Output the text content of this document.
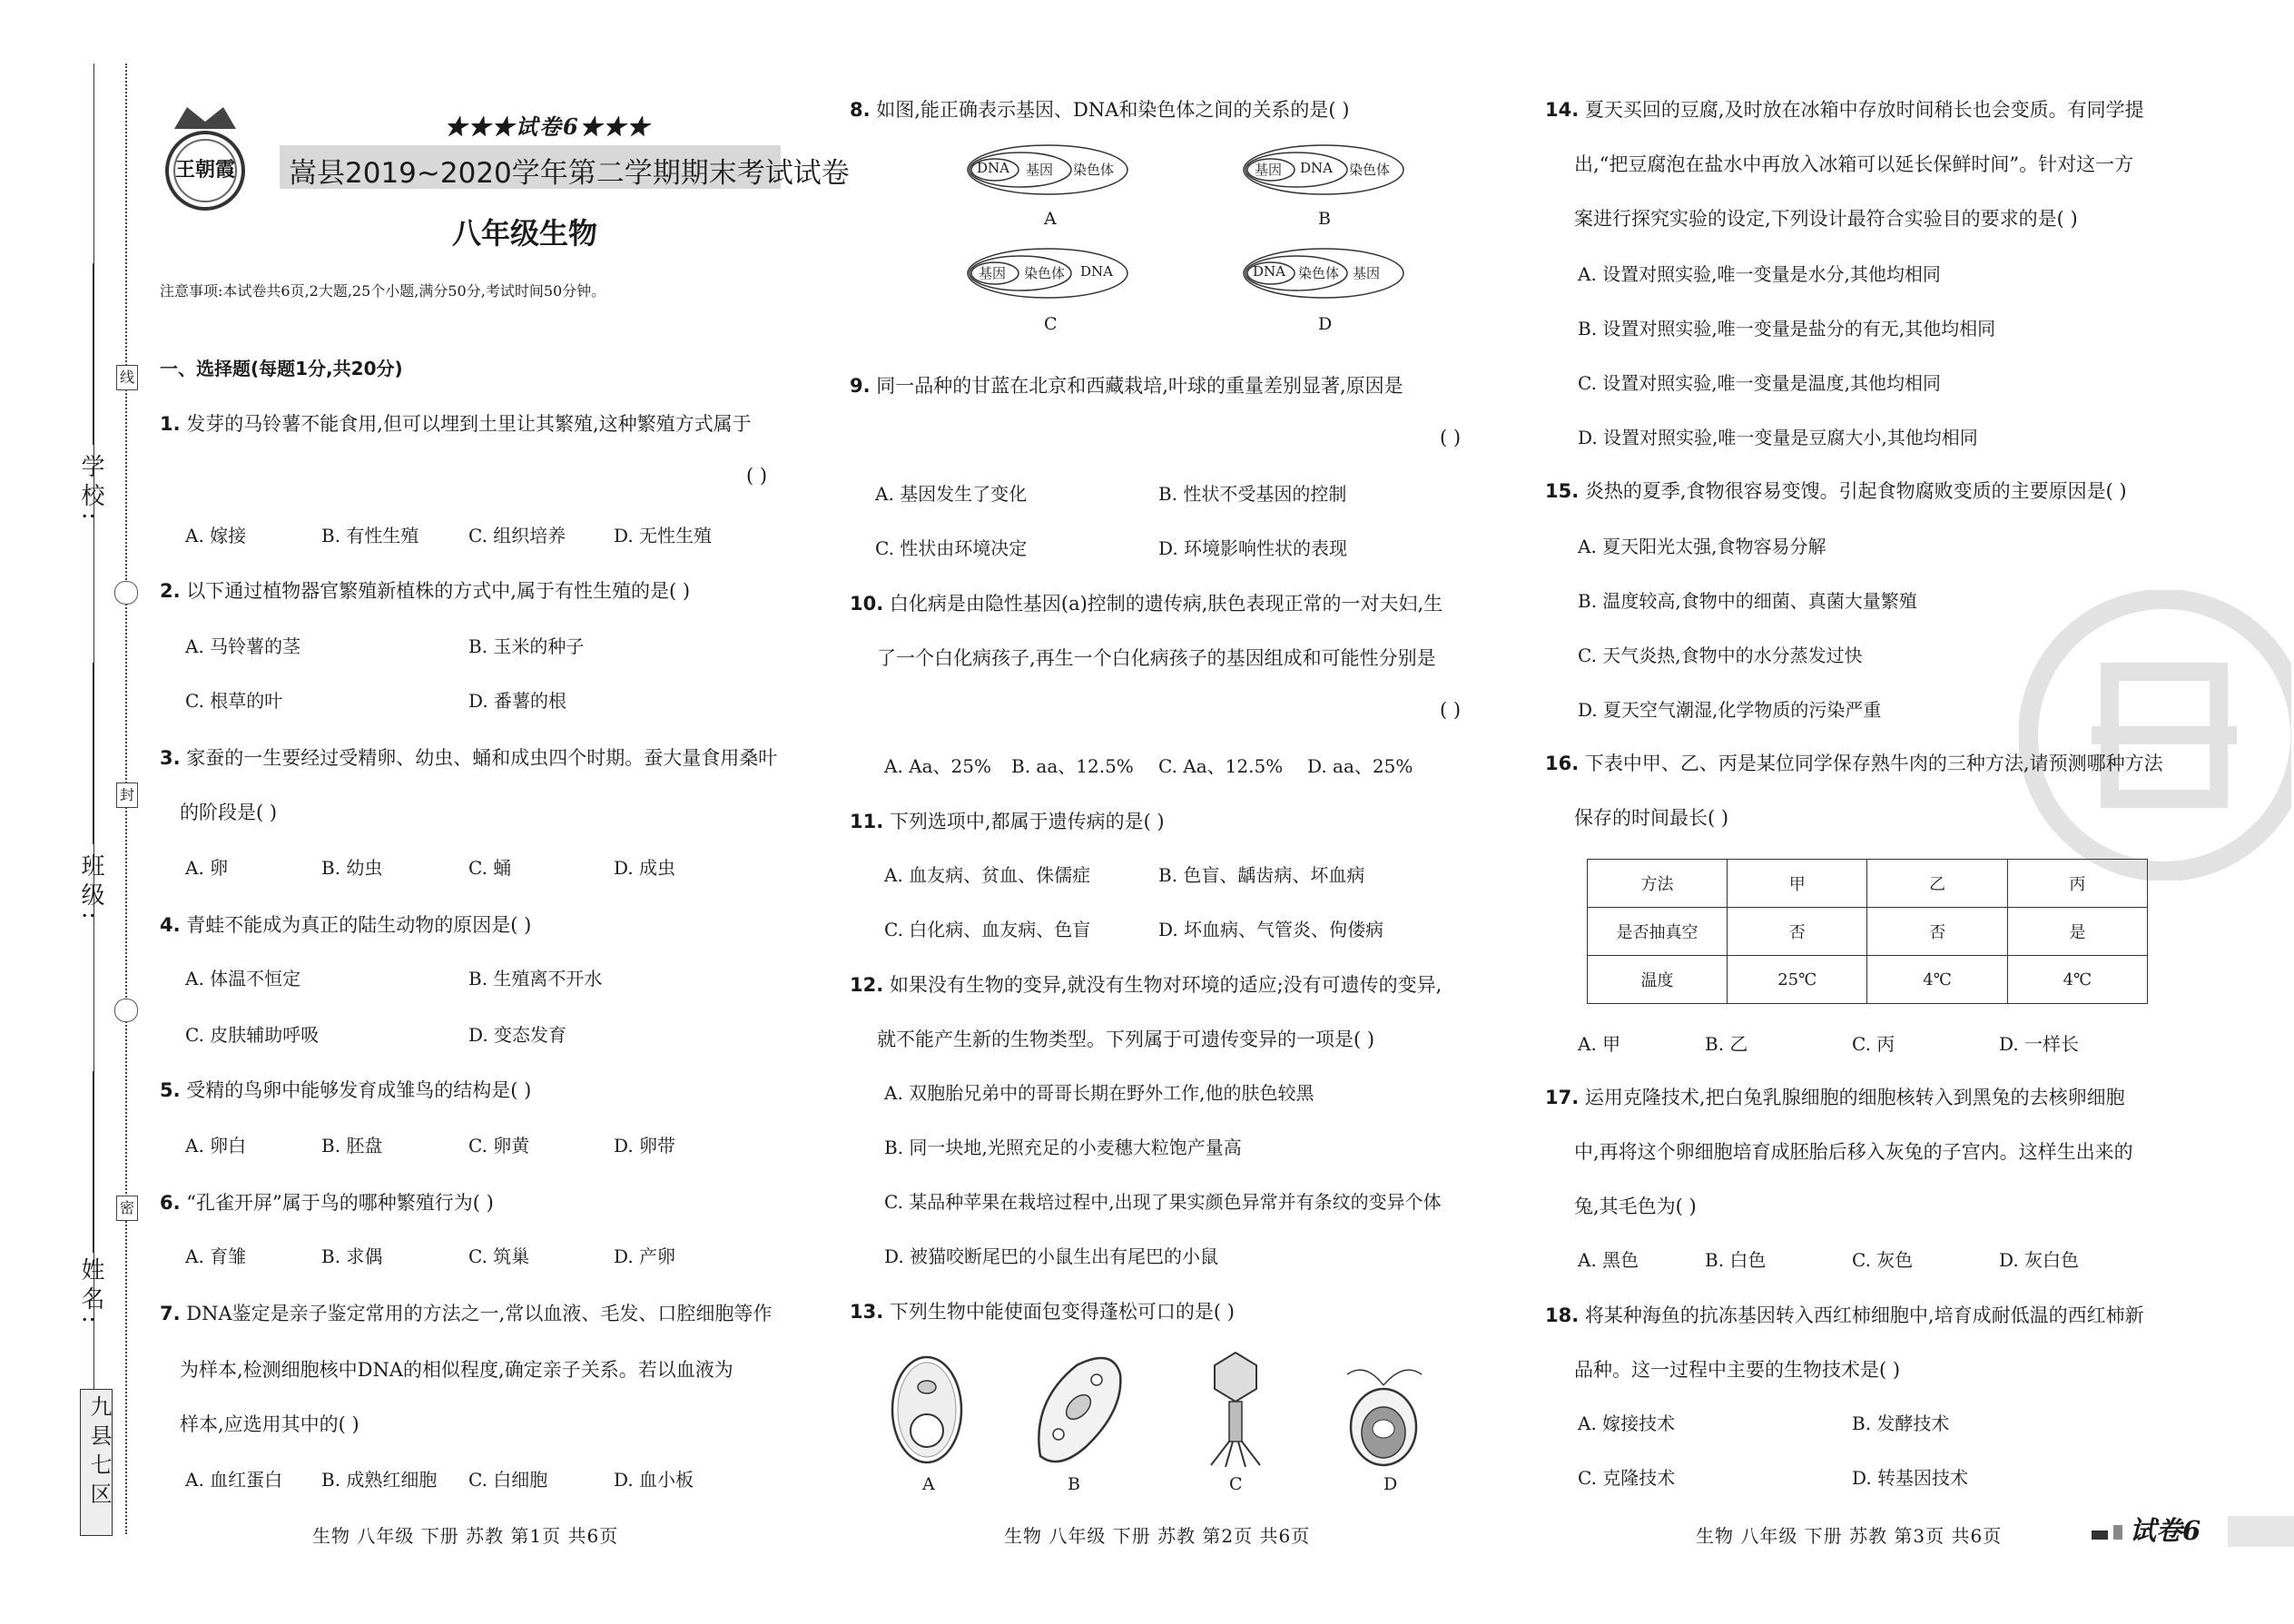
学校:
班级:
姓名:
线
封
密
九县七区
王朝霞
★★★试卷6★★★
嵩县2019~2020学年第二学期期末考试试卷
八年级生物
注意事项:本试卷共6页,2大题,25个小题,满分50分,考试时间50分钟。
一、选择题(每题1分,共20分)
1. 发芽的马铃薯不能食用,但可以埋到土里让其繁殖,这种繁殖方式属于
( )
A. 嫁接	B. 有性生殖	C. 组织培养	D. 无性生殖
2. 以下通过植物器官繁殖新植株的方式中,属于有性生殖的是( )
A. 马铃薯的茎	B. 玉米的种子
C. 根草的叶	D. 番薯的根
3. 家蚕的一生要经过受精卵、幼虫、蛹和成虫四个时期。蚕大量食用桑叶
的阶段是( )
A. 卵	B. 幼虫	C. 蛹	D. 成虫
4. 青蛙不能成为真正的陆生动物的原因是( )
A. 体温不恒定	B. 生殖离不开水
C. 皮肤辅助呼吸	D. 变态发育
5. 受精的鸟卵中能够发育成雏鸟的结构是( )
A. 卵白	B. 胚盘	C. 卵黄	D. 卵带
6. “孔雀开屏”属于鸟的哪种繁殖行为( )
A. 育雏	B. 求偶	C. 筑巢	D. 产卵
7. DNA鉴定是亲子鉴定常用的方法之一,常以血液、毛发、口腔细胞等作
为样本,检测细胞核中DNA的相似程度,确定亲子关系。若以血液为
样本,应选用其中的( )
A. 血红蛋白 B. 成熟红细胞 C. 白细胞	D. 血小板
生物 八年级 下册 苏教 第1页 共6页
8. 如图,能正确表示基因、DNA和染色体之间的关系的是( )
DNA 基因 染色体
A
基因 DNA 染色体
B
基因 染色体 DNA
C
DNA 染色体 基因
D
9. 同一品种的甘蓝在北京和西藏栽培,叶球的重量差别显著,原因是
( )
A. 基因发生了变化	B. 性状不受基因的控制
C. 性状由环境决定	D. 环境影响性状的表现
10. 白化病是由隐性基因(a)控制的遗传病,肤色表现正常的一对夫妇,生
了一个白化病孩子,再生一个白化病孩子的基因组成和可能性分别是
( )
A. Aa、25% B. aa、12.5% C. Aa、12.5% D. aa、25%
11. 下列选项中,都属于遗传病的是( )
A. 血友病、贫血、侏儒症	B. 色盲、龋齿病、坏血病
C. 白化病、血友病、色盲	D. 坏血病、气管炎、佝偻病
12. 如果没有生物的变异,就没有生物对环境的适应;没有可遗传的变异,
就不能产生新的生物类型。下列属于可遗传变异的一项是( )
A. 双胞胎兄弟中的哥哥长期在野外工作,他的肤色较黑
B. 同一块地,光照充足的小麦穗大粒饱产量高
C. 某品种苹果在栽培过程中,出现了果实颜色异常并有条纹的变异个体
D. 被猫咬断尾巴的小鼠生出有尾巴的小鼠
13. 下列生物中能使面包变得蓬松可口的是( )
A	B	C	D
生物 八年级 下册 苏教 第2页 共6页
14. 夏天买回的豆腐,及时放在冰箱中存放时间稍长也会变质。有同学提
出,“把豆腐泡在盐水中再放入冰箱可以延长保鲜时间”。针对这一方
案进行探究实验的设定,下列设计最符合实验目的要求的是( )
A. 设置对照实验,唯一变量是水分,其他均相同
B. 设置对照实验,唯一变量是盐分的有无,其他均相同
C. 设置对照实验,唯一变量是温度,其他均相同
D. 设置对照实验,唯一变量是豆腐大小,其他均相同
15. 炎热的夏季,食物很容易变馊。引起食物腐败变质的主要原因是( )
A. 夏天阳光太强,食物容易分解
B. 温度较高,食物中的细菌、真菌大量繁殖
C. 天气炎热,食物中的水分蒸发过快
D. 夏天空气潮湿,化学物质的污染严重
16. 下表中甲、乙、丙是某位同学保存熟牛肉的三种方法,请预测哪种方法
保存的时间最长( )
方法	甲	乙	丙
是否抽真空	否	否	是
温度	25℃	4℃	4℃
A. 甲	B. 乙	C. 丙	D. 一样长
17. 运用克隆技术,把白兔乳腺细胞的细胞核转入到黑兔的去核卵细胞
中,再将这个卵细胞培育成胚胎后移入灰兔的子宫内。这样生出来的
兔,其毛色为( )
A. 黑色	B. 白色	C. 灰色	D. 灰白色
18. 将某种海鱼的抗冻基因转入西红柿细胞中,培育成耐低温的西红柿新
品种。这一过程中主要的生物技术是( )
A. 嫁接技术	B. 发酵技术
C. 克隆技术	D. 转基因技术
生物 八年级 下册 苏教 第3页 共6页	试卷6
